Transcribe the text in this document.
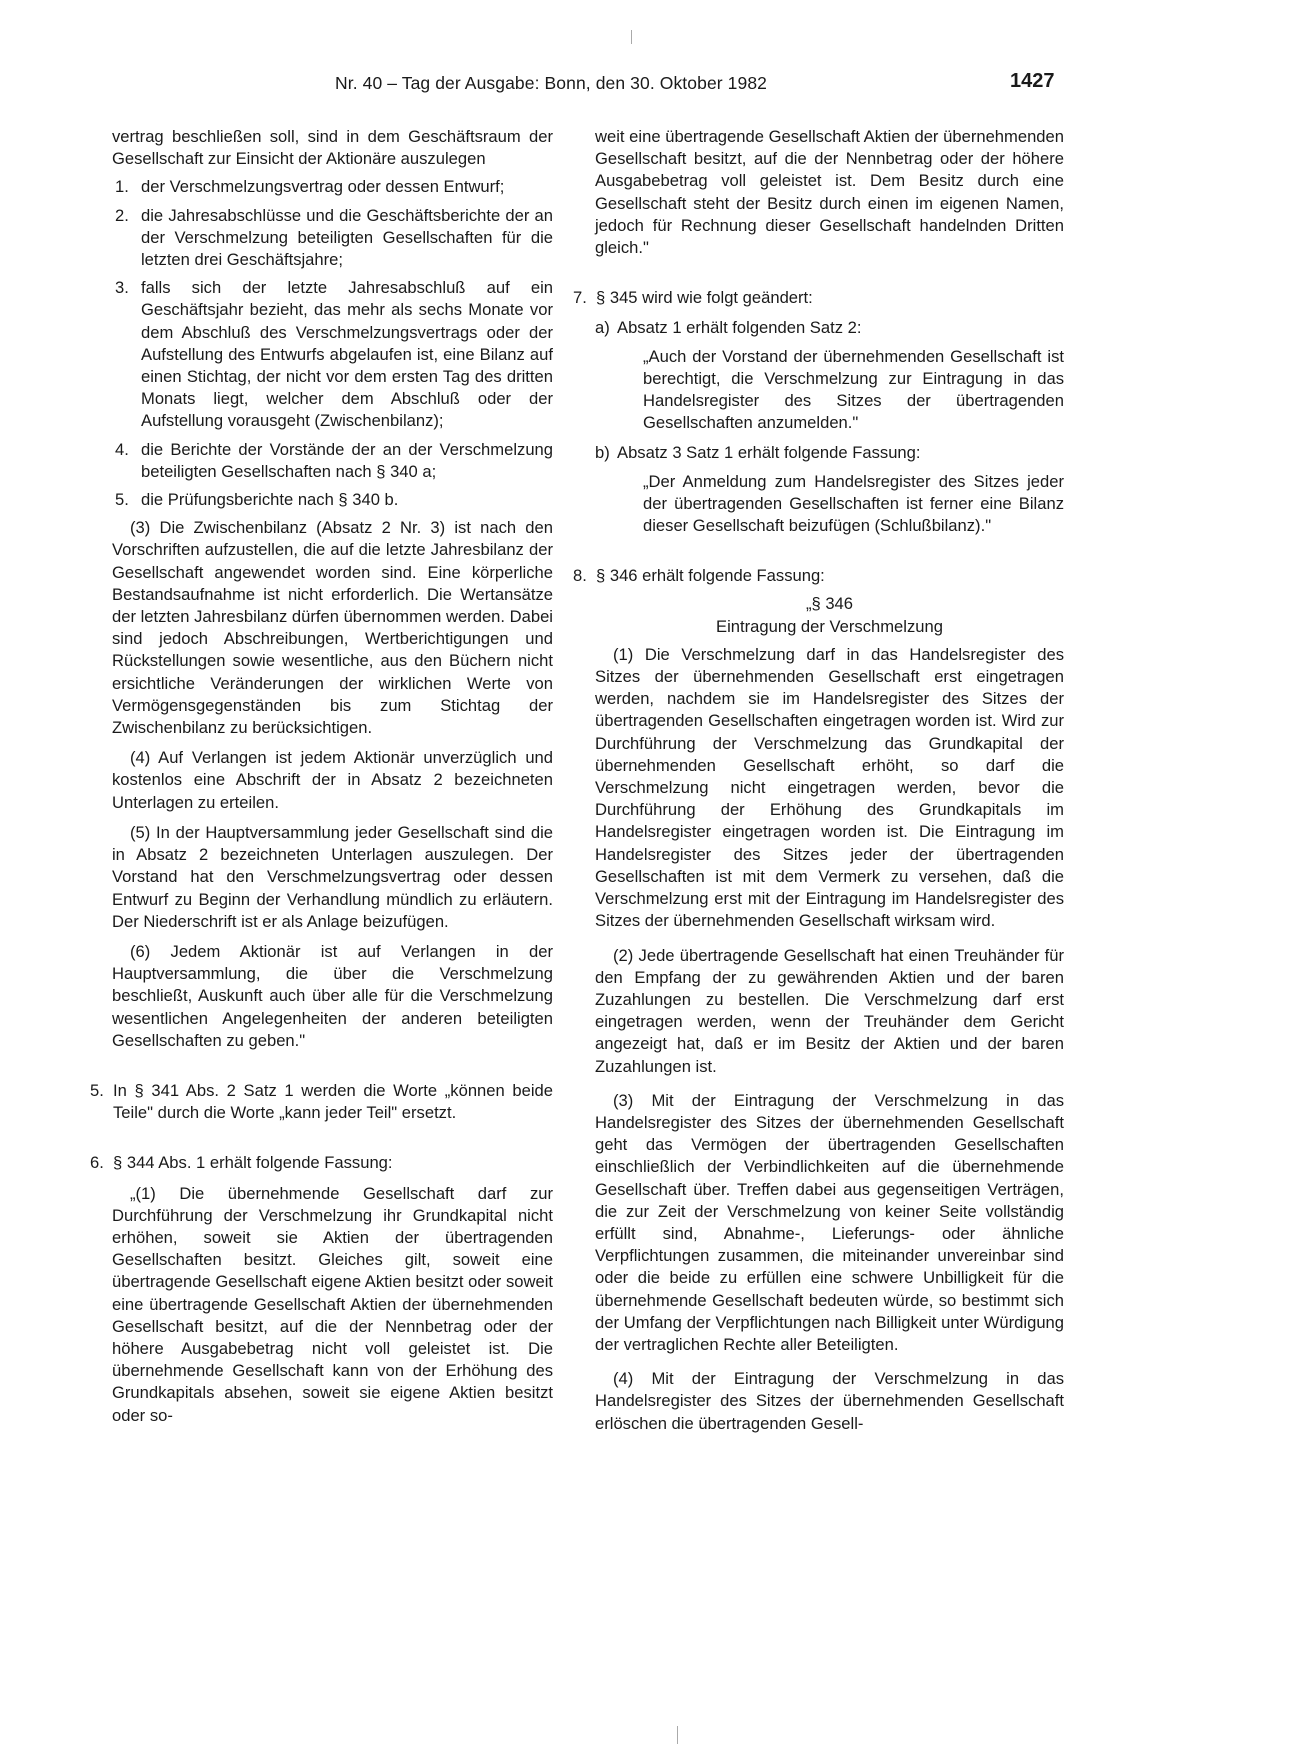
Nr. 40 – Tag der Ausgabe: Bonn, den 30. Oktober 1982	1427

vertrag beschließen soll, sind in dem Geschäftsraum der Gesellschaft zur Einsicht der Aktionäre auszulegen

1. der Verschmelzungsvertrag oder dessen Entwurf;
2. die Jahresabschlüsse und die Geschäftsberichte der an der Verschmelzung beteiligten Gesellschaften für die letzten drei Geschäftsjahre;
3. falls sich der letzte Jahresabschluß auf ein Geschäftsjahr bezieht, das mehr als sechs Monate vor dem Abschluß des Verschmelzungsvertrags oder der Aufstellung des Entwurfs abgelaufen ist, eine Bilanz auf einen Stichtag, der nicht vor dem ersten Tag des dritten Monats liegt, welcher dem Abschluß oder der Aufstellung vorausgeht (Zwischenbilanz);
4. die Berichte der Vorstände der an der Verschmelzung beteiligten Gesellschaften nach § 340 a;
5. die Prüfungsberichte nach § 340 b.

(3) Die Zwischenbilanz (Absatz 2 Nr. 3) ist nach den Vorschriften aufzustellen, die auf die letzte Jahresbilanz der Gesellschaft angewendet worden sind. Eine körperliche Bestandsaufnahme ist nicht erforderlich. Die Wertansätze der letzten Jahresbilanz dürfen übernommen werden. Dabei sind jedoch Abschreibungen, Wertberichtigungen und Rückstellungen sowie wesentliche, aus den Büchern nicht ersichtliche Veränderungen der wirklichen Werte von Vermögensgegenständen bis zum Stichtag der Zwischenbilanz zu berücksichtigen.

(4) Auf Verlangen ist jedem Aktionär unverzüglich und kostenlos eine Abschrift der in Absatz 2 bezeichneten Unterlagen zu erteilen.

(5) In der Hauptversammlung jeder Gesellschaft sind die in Absatz 2 bezeichneten Unterlagen auszulegen. Der Vorstand hat den Verschmelzungsvertrag oder dessen Entwurf zu Beginn der Verhandlung mündlich zu erläutern. Der Niederschrift ist er als Anlage beizufügen.

(6) Jedem Aktionär ist auf Verlangen in der Hauptversammlung, die über die Verschmelzung beschließt, Auskunft auch über alle für die Verschmelzung wesentlichen Angelegenheiten der anderen beteiligten Gesellschaften zu geben."

5. In § 341 Abs. 2 Satz 1 werden die Worte „können beide Teile" durch die Worte „kann jeder Teil" ersetzt.
6. § 344 Abs. 1 erhält folgende Fassung:

„(1) Die übernehmende Gesellschaft darf zur Durchführung der Verschmelzung ihr Grundkapital nicht erhöhen, soweit sie Aktien der übertragenden Gesellschaften besitzt. Gleiches gilt, soweit eine übertragende Gesellschaft eigene Aktien besitzt oder soweit eine übertragende Gesellschaft Aktien der übernehmenden Gesellschaft besitzt, auf die der Nennbetrag oder der höhere Ausgabebetrag nicht voll geleistet ist. Die übernehmende Gesellschaft kann von der Erhöhung des Grundkapitals absehen, soweit sie eigene Aktien besitzt oder so-

weit eine übertragende Gesellschaft Aktien der übernehmenden Gesellschaft besitzt, auf die der Nennbetrag oder der höhere Ausgabebetrag voll geleistet ist. Dem Besitz durch eine Gesellschaft steht der Besitz durch einen im eigenen Namen, jedoch für Rechnung dieser Gesellschaft handelnden Dritten gleich."

7. § 345 wird wie folgt geändert:
a) Absatz 1 erhält folgenden Satz 2:

„Auch der Vorstand der übernehmenden Gesellschaft ist berechtigt, die Verschmelzung zur Eintragung in das Handelsregister des Sitzes der übertragenden Gesellschaften anzumelden."

b) Absatz 3 Satz 1 erhält folgende Fassung:

„Der Anmeldung zum Handelsregister des Sitzes jeder der übertragenden Gesellschaften ist ferner eine Bilanz dieser Gesellschaft beizufügen (Schlußbilanz)."

8. § 346 erhält folgende Fassung:

„§ 346

Eintragung der Verschmelzung

(1) Die Verschmelzung darf in das Handelsregister des Sitzes der übernehmenden Gesellschaft erst eingetragen werden, nachdem sie im Handelsregister des Sitzes der übertragenden Gesellschaften eingetragen worden ist. Wird zur Durchführung der Verschmelzung das Grundkapital der übernehmenden Gesellschaft erhöht, so darf die Verschmelzung nicht eingetragen werden, bevor die Durchführung der Erhöhung des Grundkapitals im Handelsregister eingetragen worden ist. Die Eintragung im Handelsregister des Sitzes jeder der übertragenden Gesellschaften ist mit dem Vermerk zu versehen, daß die Verschmelzung erst mit der Eintragung im Handelsregister des Sitzes der übernehmenden Gesellschaft wirksam wird.

(2) Jede übertragende Gesellschaft hat einen Treuhänder für den Empfang der zu gewährenden Aktien und der baren Zuzahlungen zu bestellen. Die Verschmelzung darf erst eingetragen werden, wenn der Treuhänder dem Gericht angezeigt hat, daß er im Besitz der Aktien und der baren Zuzahlungen ist.

(3) Mit der Eintragung der Verschmelzung in das Handelsregister des Sitzes der übernehmenden Gesellschaft geht das Vermögen der übertragenden Gesellschaften einschließlich der Verbindlichkeiten auf die übernehmende Gesellschaft über. Treffen dabei aus gegenseitigen Verträgen, die zur Zeit der Verschmelzung von keiner Seite vollständig erfüllt sind, Abnahme-, Lieferungs- oder ähnliche Verpflichtungen zusammen, die miteinander unvereinbar sind oder die beide zu erfüllen eine schwere Unbilligkeit für die übernehmende Gesellschaft bedeuten würde, so bestimmt sich der Umfang der Verpflichtungen nach Billigkeit unter Würdigung der vertraglichen Rechte aller Beteiligten.

(4) Mit der Eintragung der Verschmelzung in das Handelsregister des Sitzes der übernehmenden Gesellschaft erlöschen die übertragenden Gesell-
